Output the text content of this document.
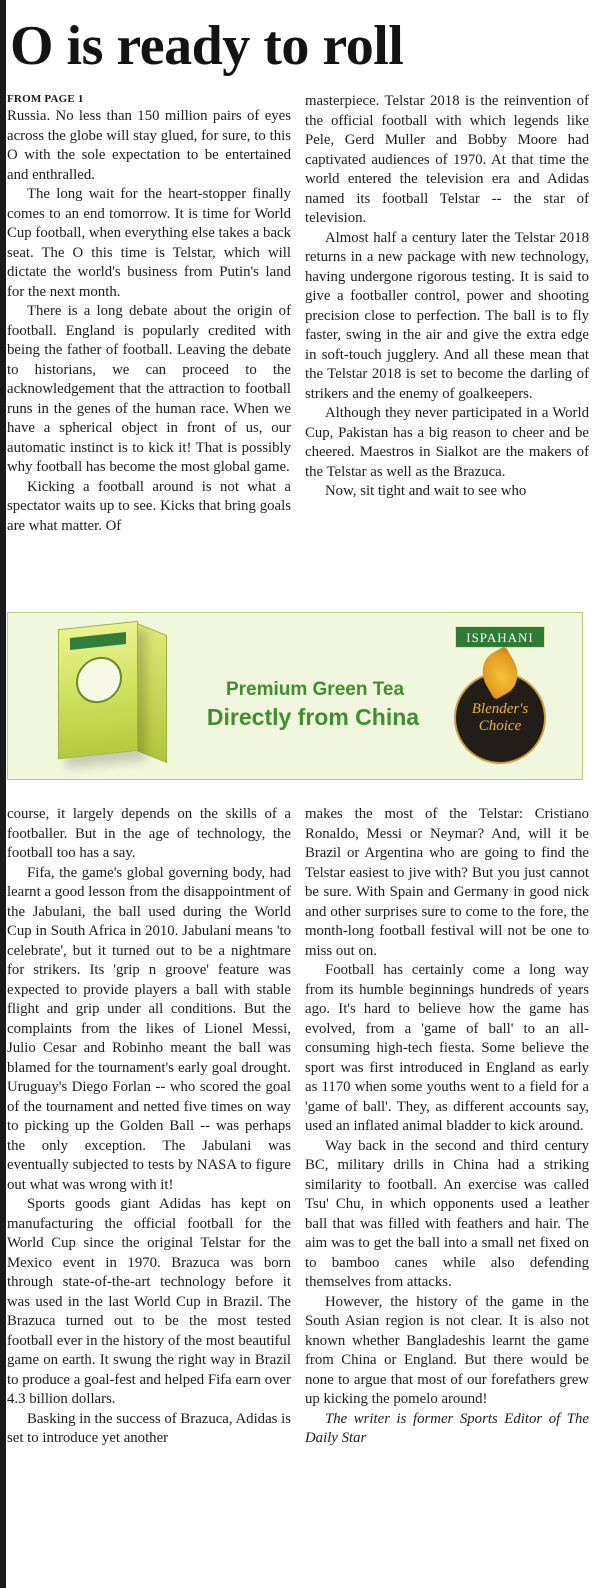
O is ready to roll
FROM PAGE 1

Russia. No less than 150 million pairs of eyes across the globe will stay glued, for sure, to this O with the sole expectation to be entertained and enthralled.

The long wait for the heart-stopper finally comes to an end tomorrow. It is time for World Cup football, when everything else takes a back seat. The O this time is Telstar, which will dictate the world's business from Putin's land for the next month.

There is a long debate about the origin of football. England is popularly credited with being the father of football. Leaving the debate to historians, we can proceed to the acknowledgement that the attraction to football runs in the genes of the human race. When we have a spherical object in front of us, our automatic instinct is to kick it! That is possibly why football has become the most global game.

Kicking a football around is not what a spectator waits up to see. Kicks that bring goals are what matter. Of

masterpiece. Telstar 2018 is the reinvention of the official football with which legends like Pele, Gerd Muller and Bobby Moore had captivated audiences of 1970. At that time the world entered the television era and Adidas named its football Telstar -- the star of television.

Almost half a century later the Telstar 2018 returns in a new package with new technology, having undergone rigorous testing. It is said to give a footballer control, power and shooting precision close to perfection. The ball is to fly faster, swing in the air and give the extra edge in soft-touch jugglery. And all these mean that the Telstar 2018 is set to become the darling of strikers and the enemy of goalkeepers.

Although they never participated in a World Cup, Pakistan has a big reason to cheer and be cheered. Maestros in Sialkot are the makers of the Telstar as well as the Brazuca.

Now, sit tight and wait to see who

Premium Green Tea
Directly from China
ISPAHANI
Blender's Choice

course, it largely depends on the skills of a footballer. But in the age of technology, the football too has a say.

Fifa, the game's global governing body, had learnt a good lesson from the disappointment of the Jabulani, the ball used during the World Cup in South Africa in 2010. Jabulani means 'to celebrate', but it turned out to be a nightmare for strikers. Its 'grip n groove' feature was expected to provide players a ball with stable flight and grip under all conditions. But the complaints from the likes of Lionel Messi, Julio Cesar and Robinho meant the ball was blamed for the tournament's early goal drought. Uruguay's Diego Forlan -- who scored the goal of the tournament and netted five times on way to picking up the Golden Ball -- was perhaps the only exception. The Jabulani was eventually subjected to tests by NASA to figure out what was wrong with it!

Sports goods giant Adidas has kept on manufacturing the official football for the World Cup since the original Telstar for the Mexico event in 1970. Brazuca was born through state-of-the-art technology before it was used in the last World Cup in Brazil. The Brazuca turned out to be the most tested football ever in the history of the most beautiful game on earth. It swung the right way in Brazil to produce a goal-fest and helped Fifa earn over 4.3 billion dollars.

Basking in the success of Brazuca, Adidas is set to introduce yet another

makes the most of the Telstar: Cristiano Ronaldo, Messi or Neymar? And, will it be Brazil or Argentina who are going to find the Telstar easiest to jive with? But you just cannot be sure. With Spain and Germany in good nick and other surprises sure to come to the fore, the month-long football festival will not be one to miss out on.

Football has certainly come a long way from its humble beginnings hundreds of years ago. It's hard to believe how the game has evolved, from a 'game of ball' to an all-consuming high-tech fiesta. Some believe the sport was first introduced in England as early as 1170 when some youths went to a field for a 'game of ball'. They, as different accounts say, used an inflated animal bladder to kick around.

Way back in the second and third century BC, military drills in China had a striking similarity to football. An exercise was called Tsu' Chu, in which opponents used a leather ball that was filled with feathers and hair. The aim was to get the ball into a small net fixed on to bamboo canes while also defending themselves from attacks.

However, the history of the game in the South Asian region is not clear. It is also not known whether Bangladeshis learnt the game from China or England. But there would be none to argue that most of our forefathers grew up kicking the pomelo around!

The writer is former Sports Editor of The Daily Star
